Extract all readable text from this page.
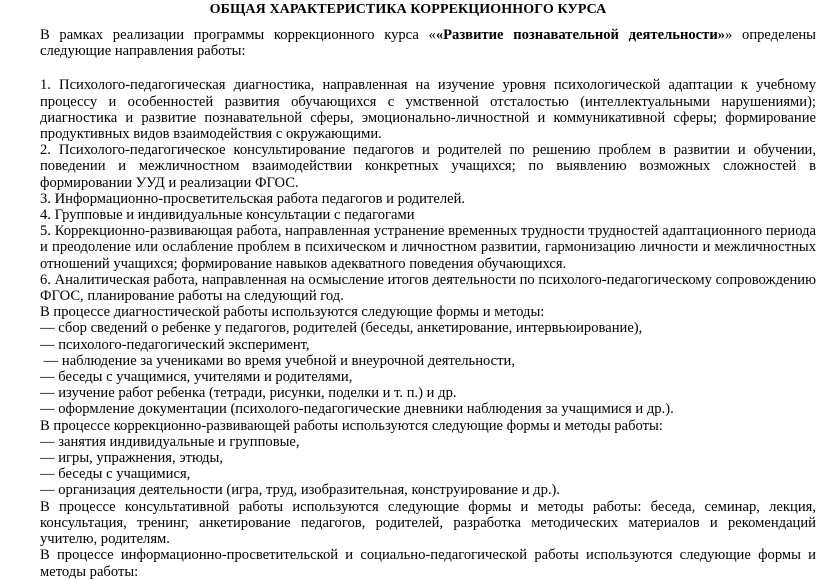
ОБЩАЯ ХАРАКТЕРИСТИКА КОРРЕКЦИОННОГО КУРСА

В рамках реализации программы коррекционного курса ««Развитие познавательной деятельности»» определены следующие направления работы:

1. Психолого-педагогическая диагностика, направленная на изучение уровня психологической адаптации к учебному процессу и особенностей развития обучающихся с умственной отсталостью (интеллектуальными нарушениями); диагностика и развитие познавательной сферы, эмоционально-личностной и коммуникативной сферы; формирование продуктивных видов взаимодействия с окружающими.

2. Психолого-педагогическое консультирование педагогов и родителей по решению проблем в развитии и обучении, поведении и межличностном взаимодействии конкретных учащихся; по выявлению возможных сложностей в формировании УУД и реализации ФГОС.

3. Информационно-просветительская работа педагогов и родителей.

4. Групповые и индивидуальные консультации с педагогами

5. Коррекционно-развивающая работа, направленная устранение временных трудности трудностей адаптационного периода и преодоление или ослабление проблем в психическом и личностном развитии, гармонизацию личности и межличностных отношений учащихся; формирование навыков адекватного поведения обучающихся.

6. Аналитическая работа, направленная на осмысление итогов деятельности по психолого-педагогическому сопровождению ФГОС, планирование работы на следующий год.

В процессе диагностической работы используются следующие формы и методы:

— сбор сведений о ребенке у педагогов, родителей (беседы, анкетирование, интервьюирование),

— психолого-педагогический эксперимент,

— наблюдение за учениками во время учебной и внеурочной деятельности,

— беседы с учащимися, учителями и родителями,

— изучение работ ребенка (тетради, рисунки, поделки и т. п.) и др.

— оформление документации (психолого-педагогические дневники наблюдения за учащимися и др.).

В процессе коррекционно-развивающей работы используются следующие формы и методы работы:

— занятия индивидуальные и групповые,

— игры, упражнения, этюды,

— беседы с учащимися,

— организация деятельности (игра, труд, изобразительная, конструирование и др.).

В процессе консультативной работы используются следующие формы и методы работы: беседа, семинар, лекция, консультация, тренинг, анкетирование педагогов, родителей, разработка методических материалов и рекомендаций учителю, родителям.

В процессе информационно-просветительской и социально-педагогической работы используются следующие формы и методы работы:
